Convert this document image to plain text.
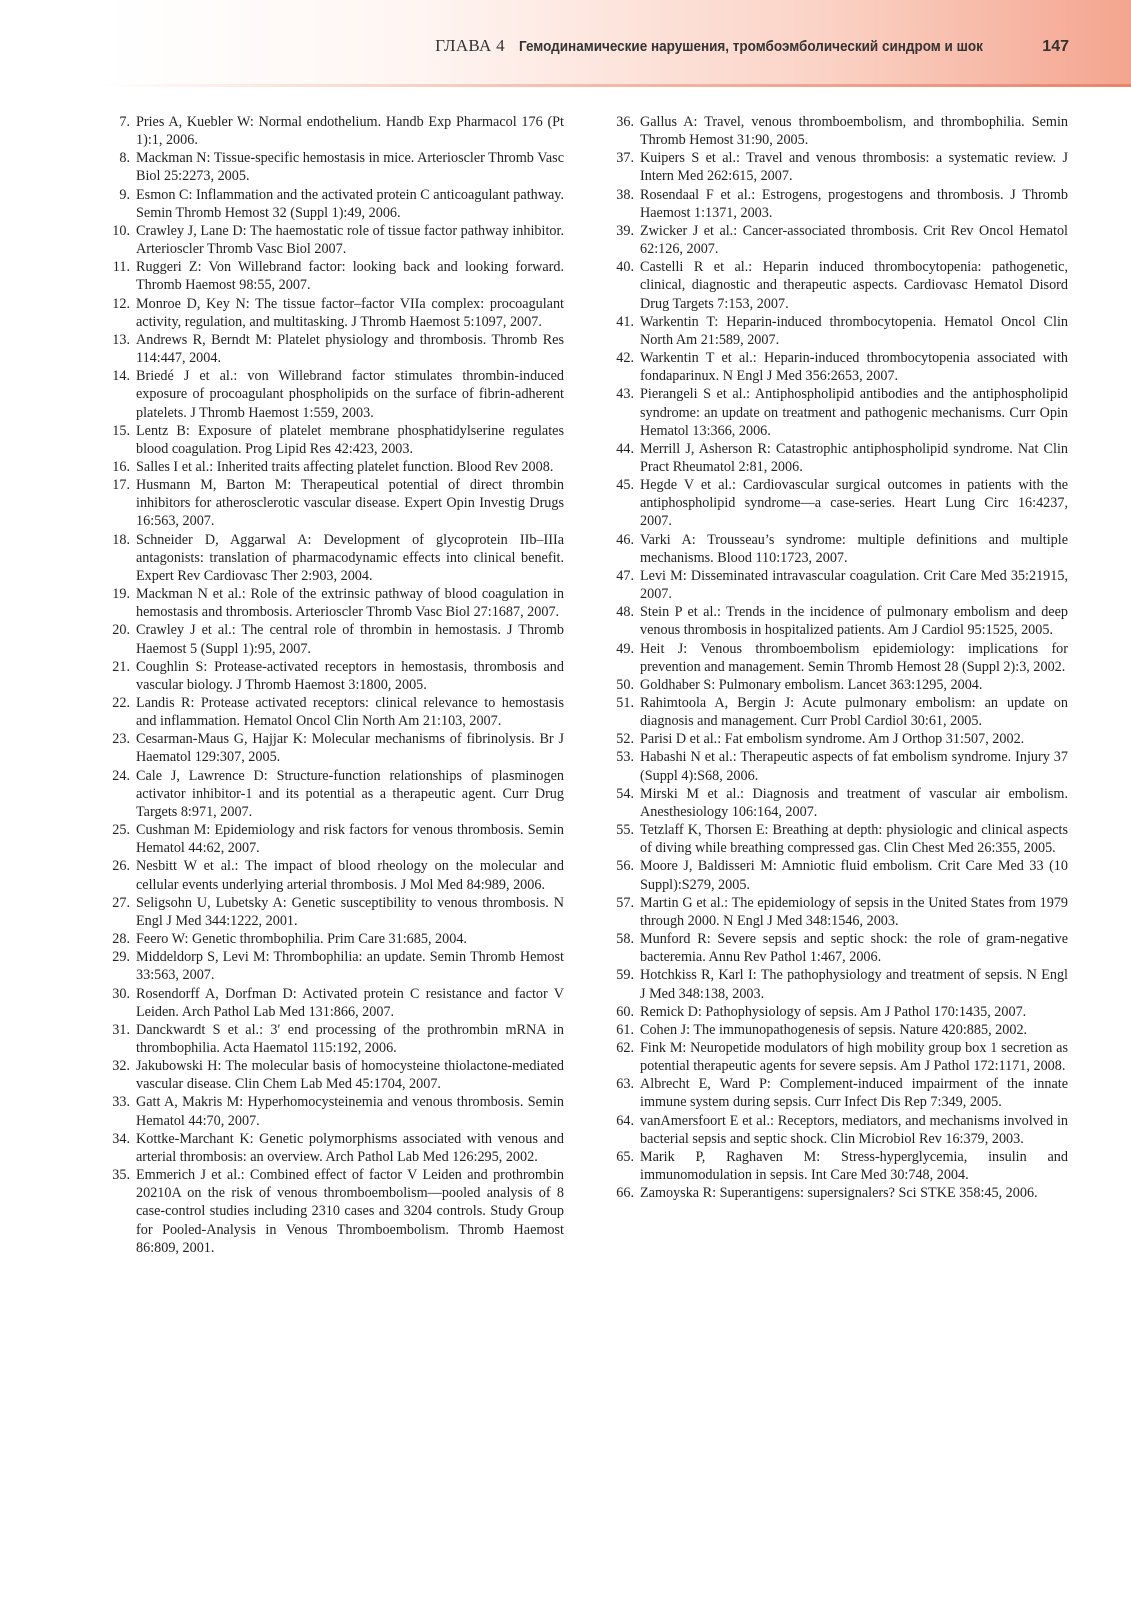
ГЛАВА 4 Гемодинамические нарушения, тромбоэмболический синдром и шок	147
7. Pries A, Kuebler W: Normal endothelium. Handb Exp Pharmacol 176 (Pt 1):1, 2006.
8. Mackman N: Tissue-specific hemostasis in mice. Arterioscler Thromb Vasc Biol 25:2273, 2005.
9. Esmon C: Inflammation and the activated protein C anticoagulant pathway. Semin Thromb Hemost 32 (Suppl 1):49, 2006.
10. Crawley J, Lane D: The haemostatic role of tissue factor pathway inhibitor. Arterioscler Thromb Vasc Biol 2007.
11. Ruggeri Z: Von Willebrand factor: looking back and looking forward. Thromb Haemost 98:55, 2007.
12. Monroe D, Key N: The tissue factor–factor VIIa complex: procoagulant activity, regulation, and multitasking. J Thromb Haemost 5:1097, 2007.
13. Andrews R, Berndt M: Platelet physiology and thrombosis. Thromb Res 114:447, 2004.
14. Briedé J et al.: von Willebrand factor stimulates thrombin-induced exposure of procoagulant phospholipids on the surface of fibrin-adherent platelets. J Thromb Haemost 1:559, 2003.
15. Lentz B: Exposure of platelet membrane phosphatidylserine regulates blood coagulation. Prog Lipid Res 42:423, 2003.
16. Salles I et al.: Inherited traits affecting platelet function. Blood Rev 2008.
17. Husmann M, Barton M: Therapeutical potential of direct thrombin inhibitors for atherosclerotic vascular disease. Expert Opin Investig Drugs 16:563, 2007.
18. Schneider D, Aggarwal A: Development of glycoprotein IIb–IIIa antagonists: translation of pharmacodynamic effects into clinical benefit. Expert Rev Cardiovasc Ther 2:903, 2004.
19. Mackman N et al.: Role of the extrinsic pathway of blood coagulation in hemostasis and thrombosis. Arterioscler Thromb Vasc Biol 27:1687, 2007.
20. Crawley J et al.: The central role of thrombin in hemostasis. J Thromb Haemost 5 (Suppl 1):95, 2007.
21. Coughlin S: Protease-activated receptors in hemostasis, thrombosis and vascular biology. J Thromb Haemost 3:1800, 2005.
22. Landis R: Protease activated receptors: clinical relevance to hemostasis and inflammation. Hematol Oncol Clin North Am 21:103, 2007.
23. Cesarman-Maus G, Hajjar K: Molecular mechanisms of fibrinolysis. Br J Haematol 129:307, 2005.
24. Cale J, Lawrence D: Structure-function relationships of plasminogen activator inhibitor-1 and its potential as a therapeutic agent. Curr Drug Targets 8:971, 2007.
25. Cushman M: Epidemiology and risk factors for venous thrombosis. Semin Hematol 44:62, 2007.
26. Nesbitt W et al.: The impact of blood rheology on the molecular and cellular events underlying arterial thrombosis. J Mol Med 84:989, 2006.
27. Seligsohn U, Lubetsky A: Genetic susceptibility to venous thrombosis. N Engl J Med 344:1222, 2001.
28. Feero W: Genetic thrombophilia. Prim Care 31:685, 2004.
29. Middeldorp S, Levi M: Thrombophilia: an update. Semin Thromb Hemost 33:563, 2007.
30. Rosendorff A, Dorfman D: Activated protein C resistance and factor V Leiden. Arch Pathol Lab Med 131:866, 2007.
31. Danckwardt S et al.: 3′ end processing of the prothrombin mRNA in thrombophilia. Acta Haematol 115:192, 2006.
32. Jakubowski H: The molecular basis of homocysteine thiolactone-mediated vascular disease. Clin Chem Lab Med 45:1704, 2007.
33. Gatt A, Makris M: Hyperhomocysteinemia and venous thrombosis. Semin Hematol 44:70, 2007.
34. Kottke-Marchant K: Genetic polymorphisms associated with venous and arterial thrombosis: an overview. Arch Pathol Lab Med 126:295, 2002.
35. Emmerich J et al.: Combined effect of factor V Leiden and prothrombin 20210A on the risk of venous thromboembolism—pooled analysis of 8 case-control studies including 2310 cases and 3204 controls. Study Group for Pooled-Analysis in Venous Thromboembolism. Thromb Haemost 86:809, 2001.
36. Gallus A: Travel, venous thromboembolism, and thrombophilia. Semin Thromb Hemost 31:90, 2005.
37. Kuipers S et al.: Travel and venous thrombosis: a systematic review. J Intern Med 262:615, 2007.
38. Rosendaal F et al.: Estrogens, progestogens and thrombosis. J Thromb Haemost 1:1371, 2003.
39. Zwicker J et al.: Cancer-associated thrombosis. Crit Rev Oncol Hematol 62:126, 2007.
40. Castelli R et al.: Heparin induced thrombocytopenia: pathogenetic, clinical, diagnostic and therapeutic aspects. Cardiovasc Hematol Disord Drug Targets 7:153, 2007.
41. Warkentin T: Heparin-induced thrombocytopenia. Hematol Oncol Clin North Am 21:589, 2007.
42. Warkentin T et al.: Heparin-induced thrombocytopenia associated with fondaparinux. N Engl J Med 356:2653, 2007.
43. Pierangeli S et al.: Antiphospholipid antibodies and the antiphospholipid syndrome: an update on treatment and pathogenic mechanisms. Curr Opin Hematol 13:366, 2006.
44. Merrill J, Asherson R: Catastrophic antiphospholipid syndrome. Nat Clin Pract Rheumatol 2:81, 2006.
45. Hegde V et al.: Cardiovascular surgical outcomes in patients with the antiphospholipid syndrome—a case-series. Heart Lung Circ 16:4237, 2007.
46. Varki A: Trousseau’s syndrome: multiple definitions and multiple mechanisms. Blood 110:1723, 2007.
47. Levi M: Disseminated intravascular coagulation. Crit Care Med 35:21915, 2007.
48. Stein P et al.: Trends in the incidence of pulmonary embolism and deep venous thrombosis in hospitalized patients. Am J Cardiol 95:1525, 2005.
49. Heit J: Venous thromboembolism epidemiology: implications for prevention and management. Semin Thromb Hemost 28 (Suppl 2):3, 2002.
50. Goldhaber S: Pulmonary embolism. Lancet 363:1295, 2004.
51. Rahimtoola A, Bergin J: Acute pulmonary embolism: an update on diagnosis and management. Curr Probl Cardiol 30:61, 2005.
52. Parisi D et al.: Fat embolism syndrome. Am J Orthop 31:507, 2002.
53. Habashi N et al.: Therapeutic aspects of fat embolism syndrome. Injury 37 (Suppl 4):S68, 2006.
54. Mirski M et al.: Diagnosis and treatment of vascular air embolism. Anesthesiology 106:164, 2007.
55. Tetzlaff K, Thorsen E: Breathing at depth: physiologic and clinical aspects of diving while breathing compressed gas. Clin Chest Med 26:355, 2005.
56. Moore J, Baldisseri M: Amniotic fluid embolism. Crit Care Med 33 (10 Suppl):S279, 2005.
57. Martin G et al.: The epidemiology of sepsis in the United States from 1979 through 2000. N Engl J Med 348:1546, 2003.
58. Munford R: Severe sepsis and septic shock: the role of gram-negative bacteremia. Annu Rev Pathol 1:467, 2006.
59. Hotchkiss R, Karl I: The pathophysiology and treatment of sepsis. N Engl J Med 348:138, 2003.
60. Remick D: Pathophysiology of sepsis. Am J Pathol 170:1435, 2007.
61. Cohen J: The immunopathogenesis of sepsis. Nature 420:885, 2002.
62. Fink M: Neuropetide modulators of high mobility group box 1 secretion as potential therapeutic agents for severe sepsis. Am J Pathol 172:1171, 2008.
63. Albrecht E, Ward P: Complement-induced impairment of the innate immune system during sepsis. Curr Infect Dis Rep 7:349, 2005.
64. vanAmersfoort E et al.: Receptors, mediators, and mechanisms involved in bacterial sepsis and septic shock. Clin Microbiol Rev 16:379, 2003.
65. Marik P, Raghaven M: Stress-hyperglycemia, insulin and immunomodulation in sepsis. Int Care Med 30:748, 2004.
66. Zamoyska R: Superantigens: supersignalers? Sci STKE 358:45, 2006.
